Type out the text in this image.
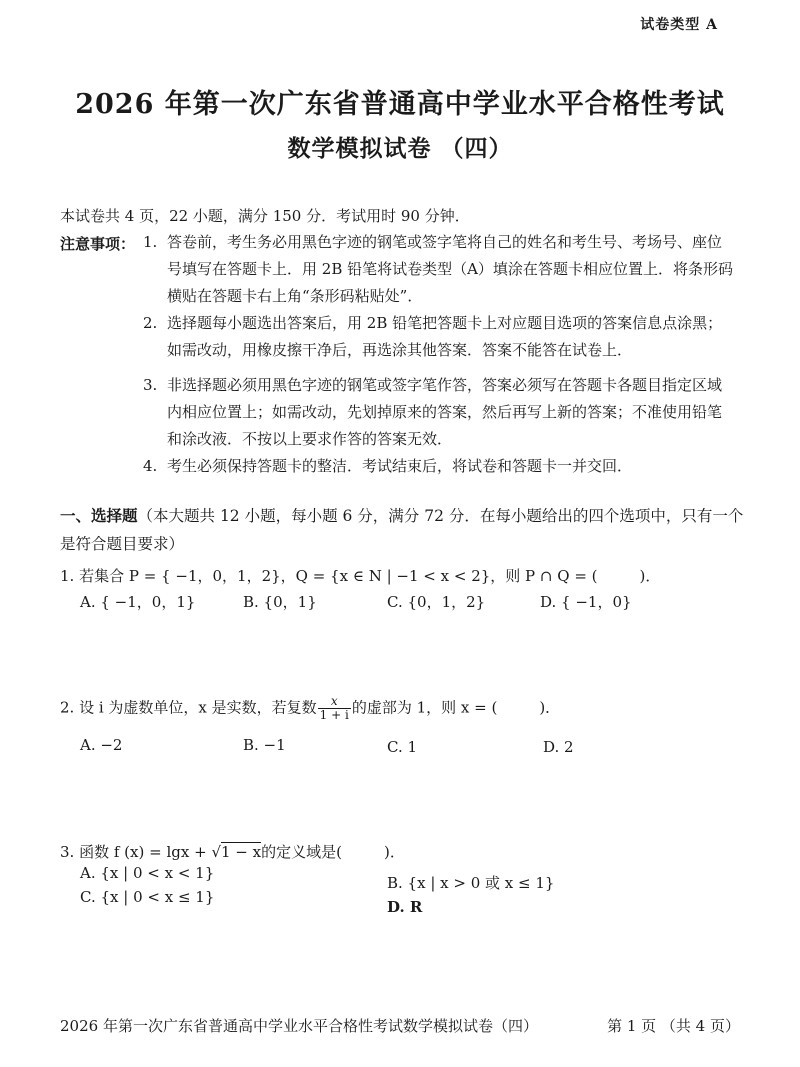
试卷类型 A
2026 年第一次广东省普通高中学业水平合格性考试
数学模拟试卷 （四）
本试卷共 4 页，22 小题，满分 150 分．考试用时 90 分钟．
注意事项： 1. 答卷前，考生务必用黑色字迹的钢笔或签字笔将自己的姓名和考生号、考场号、座位号填写在答题卡上．用 2B 铅笔将试卷类型（A）填涂在答题卡相应位置上．将条形码横贴在答题卡右上角“条形码粘贴处”．
2. 选择题每小题选出答案后，用 2B 铅笔把答题卡上对应题目选项的答案信息点涂黑；如需改动，用橡皮擦干净后，再选涂其他答案．答案不能答在试卷上．
3. 非选择题必须用黑色字迹的钢笔或签字笔作答，答案必须写在答题卡各题目指定区域内相应位置上；如需改动，先划掉原来的答案，然后再写上新的答案；不准使用铅笔和涂改液．不按以上要求作答的答案无效．
4. 考生必须保持答题卡的整洁．考试结束后，将试卷和答题卡一并交回．
一、选择题（本大题共 12 小题，每小题 6 分，满分 72 分．在每小题给出的四个选项中，只有一个是符合题目要求）
1. 若集合 P = { −1，0，1，2}，Q = {x ∈ N | −1 < x < 2}，则 P ∩ Q = (	)．
A. { −1，0，1}	B. {0，1}	C. {0，1，2}	D. { −1，0}
2. 设 i 为虚数单位，x 是实数，若复数 $\frac{x}{1 + i}$ 的虚部为 1，则 x = (	)．
A. −2	B. −1	C. 1	D. 2
3. 函数 f (x) = lgx + √1 − x的定义域是(	)．
A. {x | 0 < x < 1}
B. {x | x > 0 或 x ≤ 1}
C. {x | 0 < x ≤ 1}
D. R
2026 年第一次广东省普通高中学业水平合格性考试数学模拟试卷（四）	第 1 页 （共 4 页）
